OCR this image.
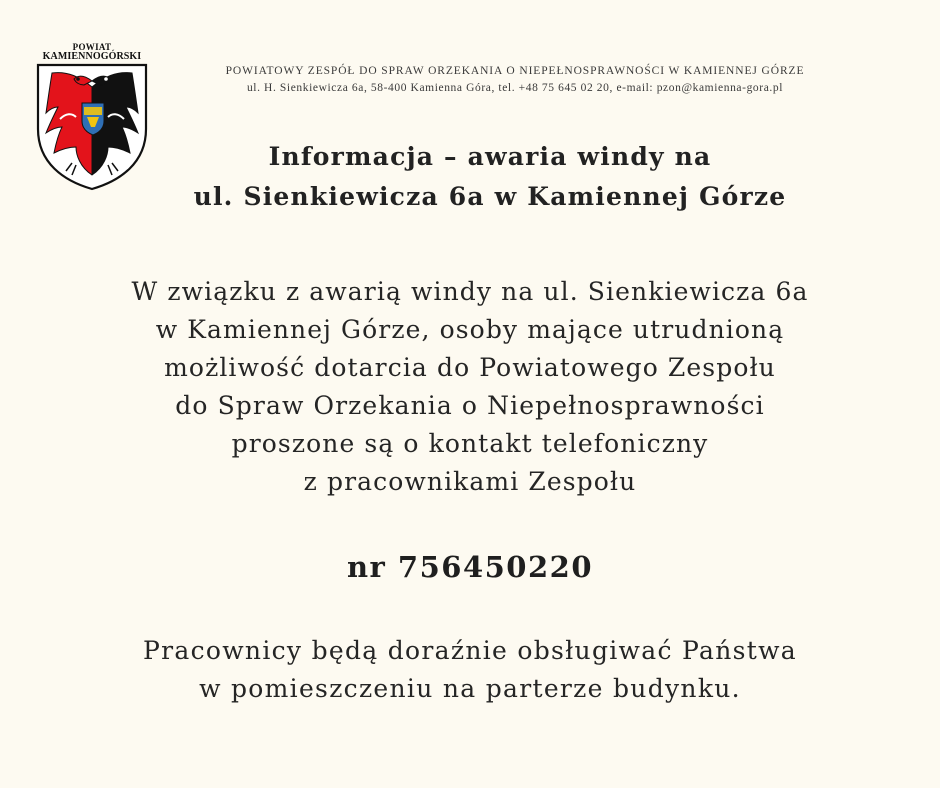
POWIAT
KAMIENNOGÓRSKI
POWIATOWY ZESPÓŁ DO SPRAW ORZEKANIA O NIEPEŁNOSPRAWNOŚCI W KAMIENNEJ GÓRZE
ul. H. Sienkiewicza 6a, 58-400 Kamienna Góra, tel. +48 75 645 02 20, e-mail: pzon@kamienna-gora.pl
Informacja – awaria windy na
ul. Sienkiewicza 6a w Kamiennej Górze
W związku z awarią windy na ul. Sienkiewicza 6a
w Kamiennej Górze, osoby mające utrudnioną
możliwość dotarcia do Powiatowego Zespołu
do Spraw Orzekania o Niepełnosprawności
proszone są o kontakt telefoniczny
z pracownikami Zespołu
nr 756450220
Pracownicy będą doraźnie obsługiwać Państwa
w pomieszczeniu na parterze budynku.
